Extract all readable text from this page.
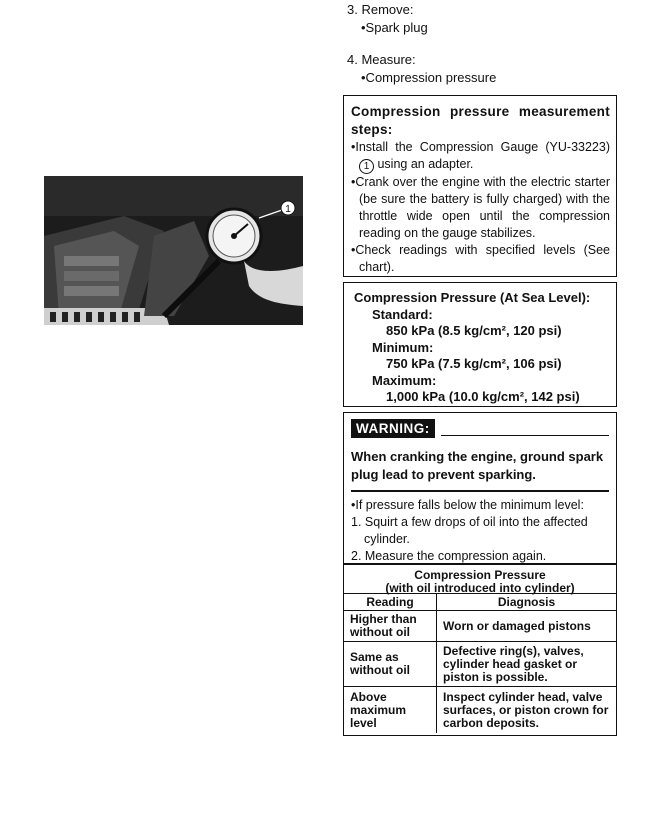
3. Remove:
•Spark plug
4. Measure:
•Compression pressure
1
Compression pressure measurement steps:
•Install the Compression Gauge (YU-33223) 1 using an adapter.
•Crank over the engine with the electric starter (be sure the battery is fully charged) with the throttle wide open until the compression reading on the gauge stabilizes.
•Check readings with specified levels (See chart).
Compression Pressure (At Sea Level):
Standard:
850 kPa (8.5 kg/cm², 120 psi)
Minimum:
750 kPa (7.5 kg/cm², 106 psi)
Maximum:
1,000 kPa (10.0 kg/cm², 142 psi)
WARNING:
When cranking the engine, ground spark plug lead to prevent sparking.
•If pressure falls below the minimum level:
1. Squirt a few drops of oil into the affected
cylinder.
2. Measure the compression again.
Compression Pressure
(with oil introduced into cylinder)
Reading	Diagnosis
Higher than without oil	Worn or damaged pistons
Same as without oil	Defective ring(s), valves, cylinder head gasket or piston is possible.
Above maximum level	Inspect cylinder head, valve surfaces, or piston crown for carbon deposits.
